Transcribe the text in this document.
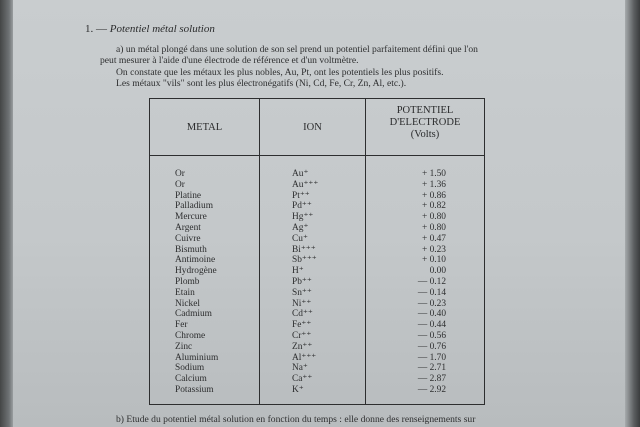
1. — Potentiel métal solution
a) un métal plongé dans une solution de son sel prend un potentiel parfaitement défini que l'on
peut mesurer à l'aide d'une électrode de référence et d'un voltmètre.
On constate que les métaux les plus nobles, Au, Pt, ont les potentiels les plus positifs.
Les métaux "vils" sont les plus électronégatifs (Ni, Cd, Fe, Cr, Zn, Al, etc.).
METAL	ION
POTENTIEL
D'ELECTRODE
(Volts)
Or
Or
Platine
Palladium
Mercure
Argent
Cuivre
Bismuth
Antimoine
Hydrogène
Plomb
Etain
Nickel
Cadmium
Fer
Chrome
Zinc
Aluminium
Sodium
Calcium
Potassium
Au⁺
Au⁺⁺⁺
Pt⁺⁺
Pd⁺⁺
Hg⁺⁺
Ag⁺
Cu⁺
Bi⁺⁺⁺
Sb⁺⁺⁺
H⁺
Pb⁺⁺
Sn⁺⁺
Ni⁺⁺
Cd⁺⁺
Fe⁺⁺
Cr⁺⁺
Zn⁺⁺
Al⁺⁺⁺
Na⁺
Ca⁺⁺
K⁺
+ 1.50
+ 1.36
+ 0.86
+ 0.82
+ 0.80
+ 0.80
+ 0.47
+ 0.23
+ 0.10
0.00
— 0.12
— 0.14
— 0.23
— 0.40
— 0.44
— 0.56
— 0.76
— 1.70
— 2.71
— 2.87
— 2.92
b) Etude du potentiel métal solution en fonction du temps : elle donne des renseignements sur
